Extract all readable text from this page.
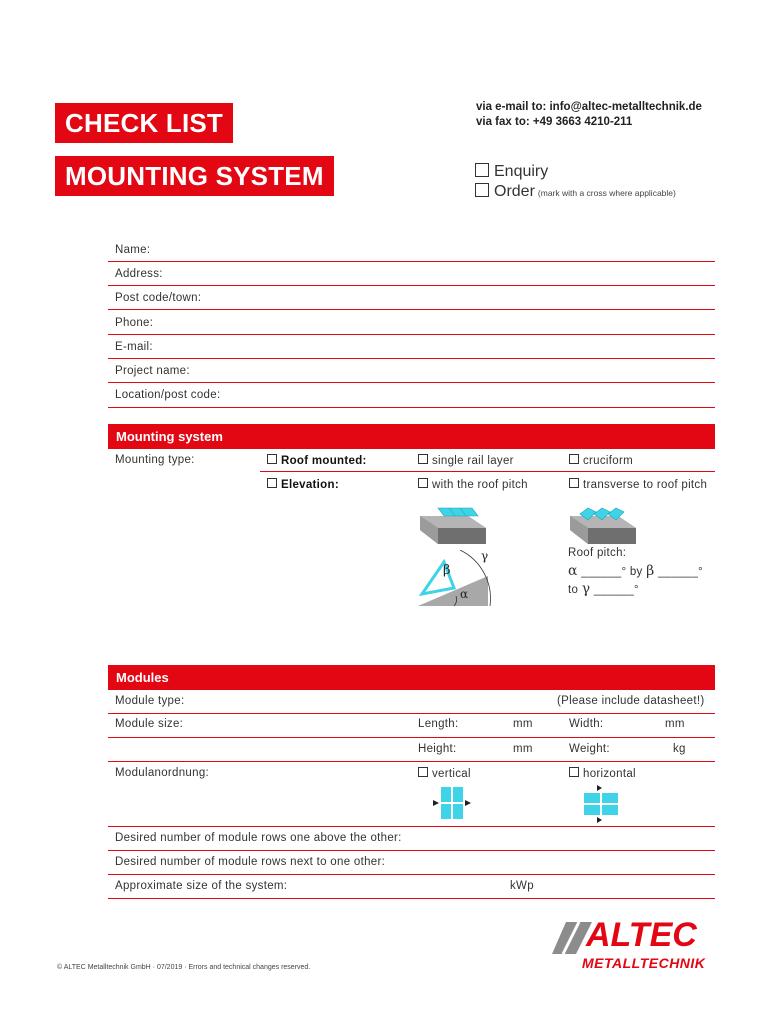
CHECK LIST
MOUNTING SYSTEM
via e-mail to: info@altec-metalltechnik.de
via fax to: +49 3663 4210-211
Enquiry
Order (mark with a cross where applicable)
Name:
Address:
Post code/town:
Phone:
E-mail:
Project name:
Location/post code:
Mounting system
Mounting type:	Roof mounted:	single rail layer	cruciform
Elevation:	with the roof pitch	transverse to roof pitch
β
α
γ	Roof pitch:
α ______° by β ______°
to γ ______°
Modules
Module type:	(Please include datasheet!)
Module size:	Length:	mm	Width:	mm
Height:	mm	Weight:	kg
Modulanordnung:	vertical	horizontal
Desired number of module rows one above the other:
Desired number of module rows next to one other:
Approximate size of the system:	kWp
© ALTEC Metalltechnik GmbH · 07/2019 · Errors and technical changes reserved.
ALTEC
METALLTECHNIK
